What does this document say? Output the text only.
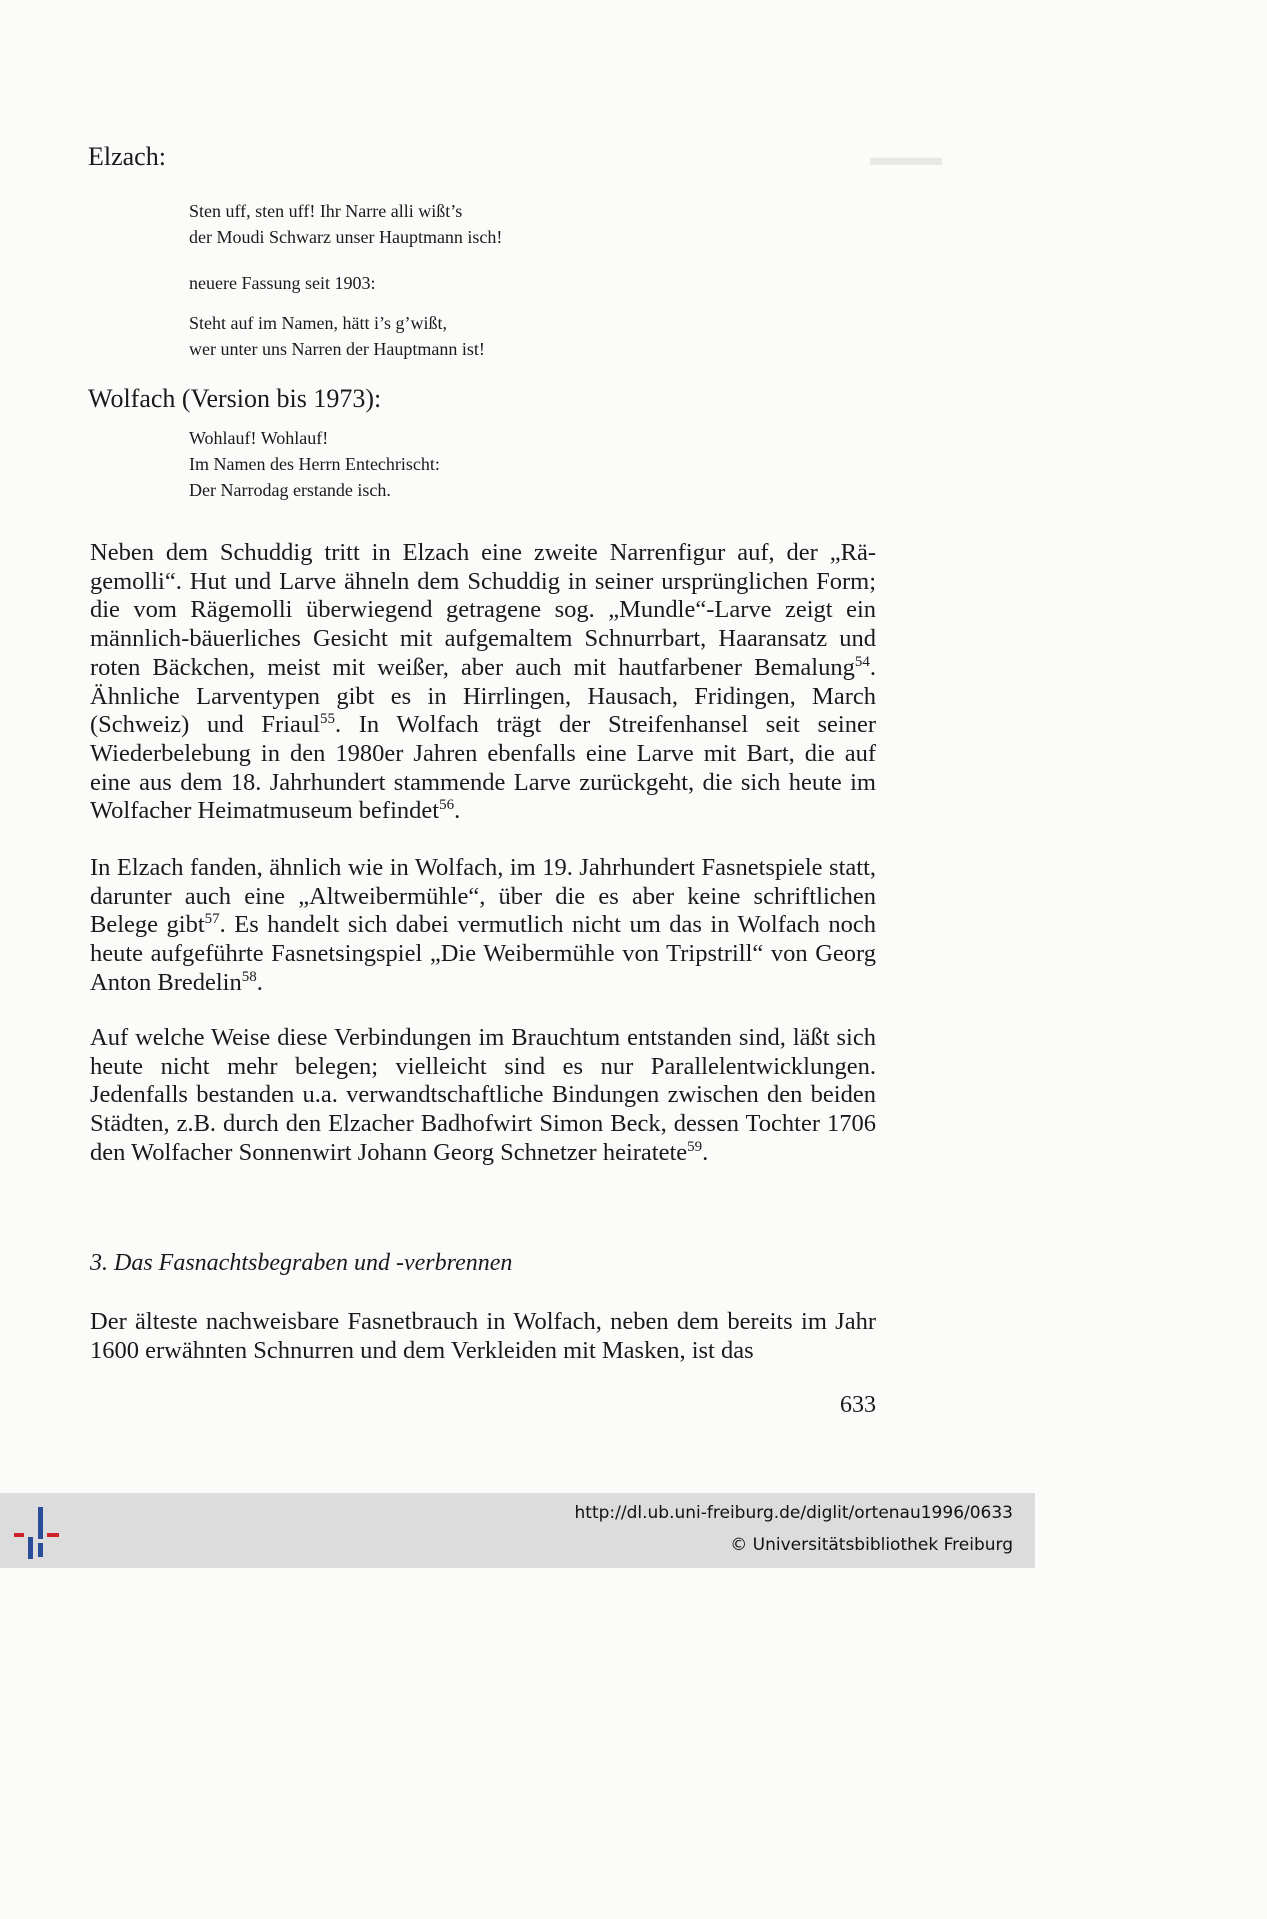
▬▬▬
Elzach:
Sten uff, sten uff! Ihr Narre alli wißt’s
der Moudi Schwarz unser Hauptmann isch!
neuere Fassung seit 1903:
Steht auf im Namen, hätt i’s g’wißt,
wer unter uns Narren der Hauptmann ist!
Wolfach (Version bis 1973):
Wohlauf! Wohlauf!
Im Namen des Herrn Entechrischt:
Der Narrodag erstande isch.
Neben dem Schuddig tritt in Elzach eine zweite Narrenfigur auf, der „Rägemolli“. Hut und Larve ähneln dem Schuddig in seiner ursprünglichen Form; die vom Rägemolli überwiegend getragene sog. „Mundle“-Larve zeigt ein männlich-bäuerliches Gesicht mit aufgemaltem Schnurrbart, Haaransatz und roten Bäckchen, meist mit weißer, aber auch mit hautfarbener Bemalung$^{54}$. Ähnliche Larventypen gibt es in Hirrlingen, Hausach, Fridingen, March (Schweiz) und Friaul$^{55}$. In Wolfach trägt der Streifenhansel seit seiner Wiederbelebung in den 1980er Jahren ebenfalls eine Larve mit Bart, die auf eine aus dem 18. Jahrhundert stammende Larve zurückgeht, die sich heute im Wolfacher Heimatmuseum befindet$^{56}$.
In Elzach fanden, ähnlich wie in Wolfach, im 19. Jahrhundert Fasnetspiele statt, darunter auch eine „Altweibermühle“, über die es aber keine schriftlichen Belege gibt$^{57}$. Es handelt sich dabei vermutlich nicht um das in Wolfach noch heute aufgeführte Fasnetsingspiel „Die Weibermühle von Tripstrill“ von Georg Anton Bredelin$^{58}$.
Auf welche Weise diese Verbindungen im Brauchtum entstanden sind, läßt sich heute nicht mehr belegen; vielleicht sind es nur Parallelentwicklungen. Jedenfalls bestanden u.a. verwandtschaftliche Bindungen zwischen den beiden Städten, z.B. durch den Elzacher Badhofwirt Simon Beck, dessen Tochter 1706 den Wolfacher Sonnenwirt Johann Georg Schnetzer heiratete$^{59}$.
3. Das Fasnachtsbegraben und -verbrennen
Der älteste nachweisbare Fasnetbrauch in Wolfach, neben dem bereits im Jahr 1600 erwähnten Schnurren und dem Verkleiden mit Masken, ist das
633
http://dl.ub.uni-freiburg.de/diglit/ortenau1996/0633
© Universitätsbibliothek Freiburg
